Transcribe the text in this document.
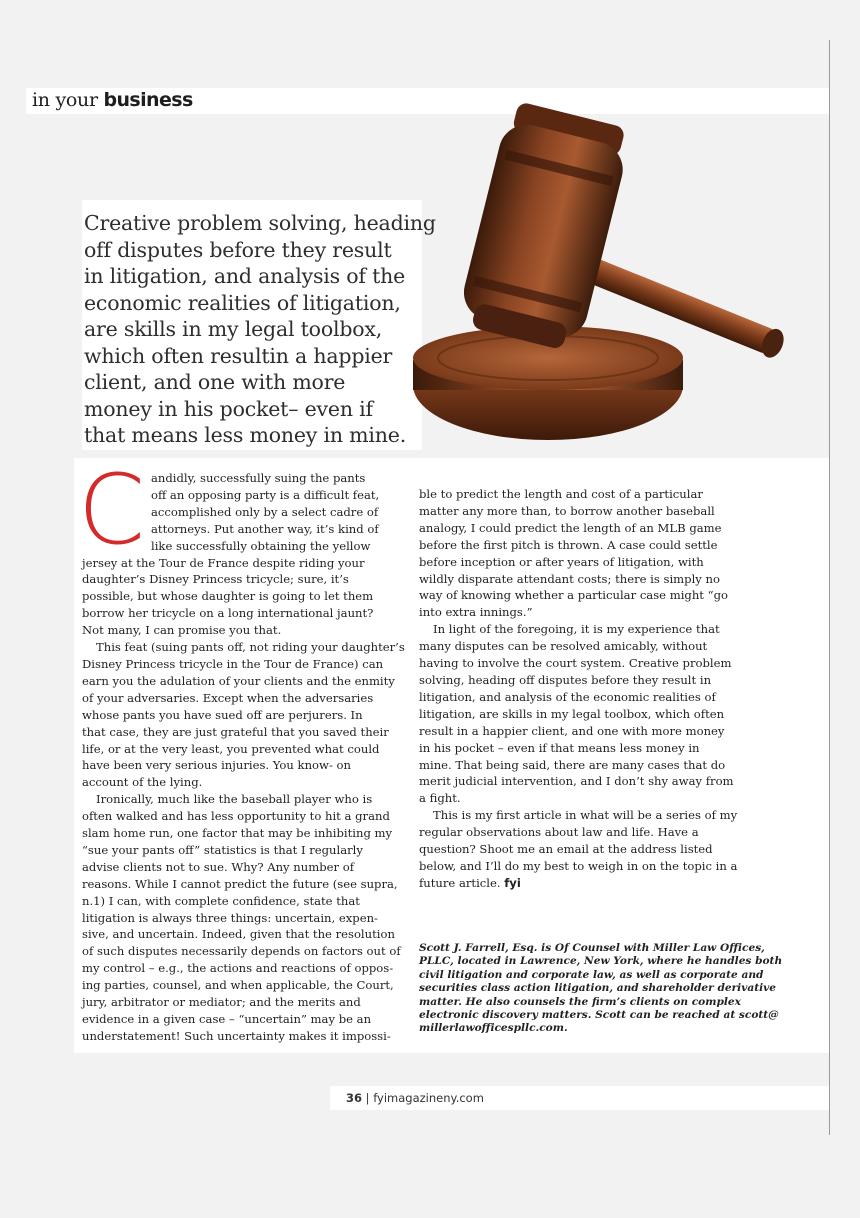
in your business

Creative problem solving, heading

off disputes before they result

in litigation, and analysis of the

economic realities of litigation,

are skills in my legal toolbox,

which often resultin a happier

client, and one with more

money in his pocket– even if

that means less money in mine.

C andidly, successfully suing the pants

off an opposing party is a difficult feat,

accomplished only by a select cadre of

attorneys. Put another way, it’s kind of

like successfully obtaining the yellow

jersey at the Tour de France despite riding your

daughter’s Disney Princess tricycle; sure, it’s

possible, but whose daughter is going to let them

borrow her tricycle on a long international jaunt?

Not many, I can promise you that.

This feat (suing pants off, not riding your daughter’s

Disney Princess tricycle in the Tour de France) can

earn you the adulation of your clients and the enmity

of your adversaries. Except when the adversaries

whose pants you have sued off are perjurers. In

that case, they are just grateful that you saved their

life, or at the very least, you prevented what could

have been very serious injuries. You know- on

account of the lying.

Ironically, much like the baseball player who is

often walked and has less opportunity to hit a grand

slam home run, one factor that may be inhibiting my

“sue your pants off” statistics is that I regularly

advise clients not to sue. Why? Any number of

reasons. While I cannot predict the future (see supra,

n.1) I can, with complete confidence, state that

litigation is always three things: uncertain, expen-

sive, and uncertain. Indeed, given that the resolution

of such disputes necessarily depends on factors out of

my control – e.g., the actions and reactions of oppos-

ing parties, counsel, and when applicable, the Court,

jury, arbitrator or mediator; and the merits and

evidence in a given case – “uncertain” may be an

understatement! Such uncertainty makes it impossi-

ble to predict the length and cost of a particular

matter any more than, to borrow another baseball

analogy, I could predict the length of an MLB game

before the first pitch is thrown. A case could settle

before inception or after years of litigation, with

wildly disparate attendant costs; there is simply no

way of knowing whether a particular case might “go

into extra innings.”

In light of the foregoing, it is my experience that

many disputes can be resolved amicably, without

having to involve the court system. Creative problem

solving, heading off disputes before they result in

litigation, and analysis of the economic realities of

litigation, are skills in my legal toolbox, which often

result in a happier client, and one with more money

in his pocket – even if that means less money in

mine. That being said, there are many cases that do

merit judicial intervention, and I don’t shy away from

a fight.

This is my first article in what will be a series of my

regular observations about law and life. Have a

question? Shoot me an email at the address listed

below, and I’ll do my best to weigh in on the topic in a

future article. fyi

Scott J. Farrell, Esq. is Of Counsel with Miller Law Offices,

PLLC, located in Lawrence, New York, where he handles both

civil litigation and corporate law, as well as corporate and

securities class action litigation, and shareholder derivative

matter. He also counsels the firm’s clients on complex

electronic discovery matters. Scott can be reached at scott@

millerlawofficespllc.com.

36 | fyimagazineny.com
